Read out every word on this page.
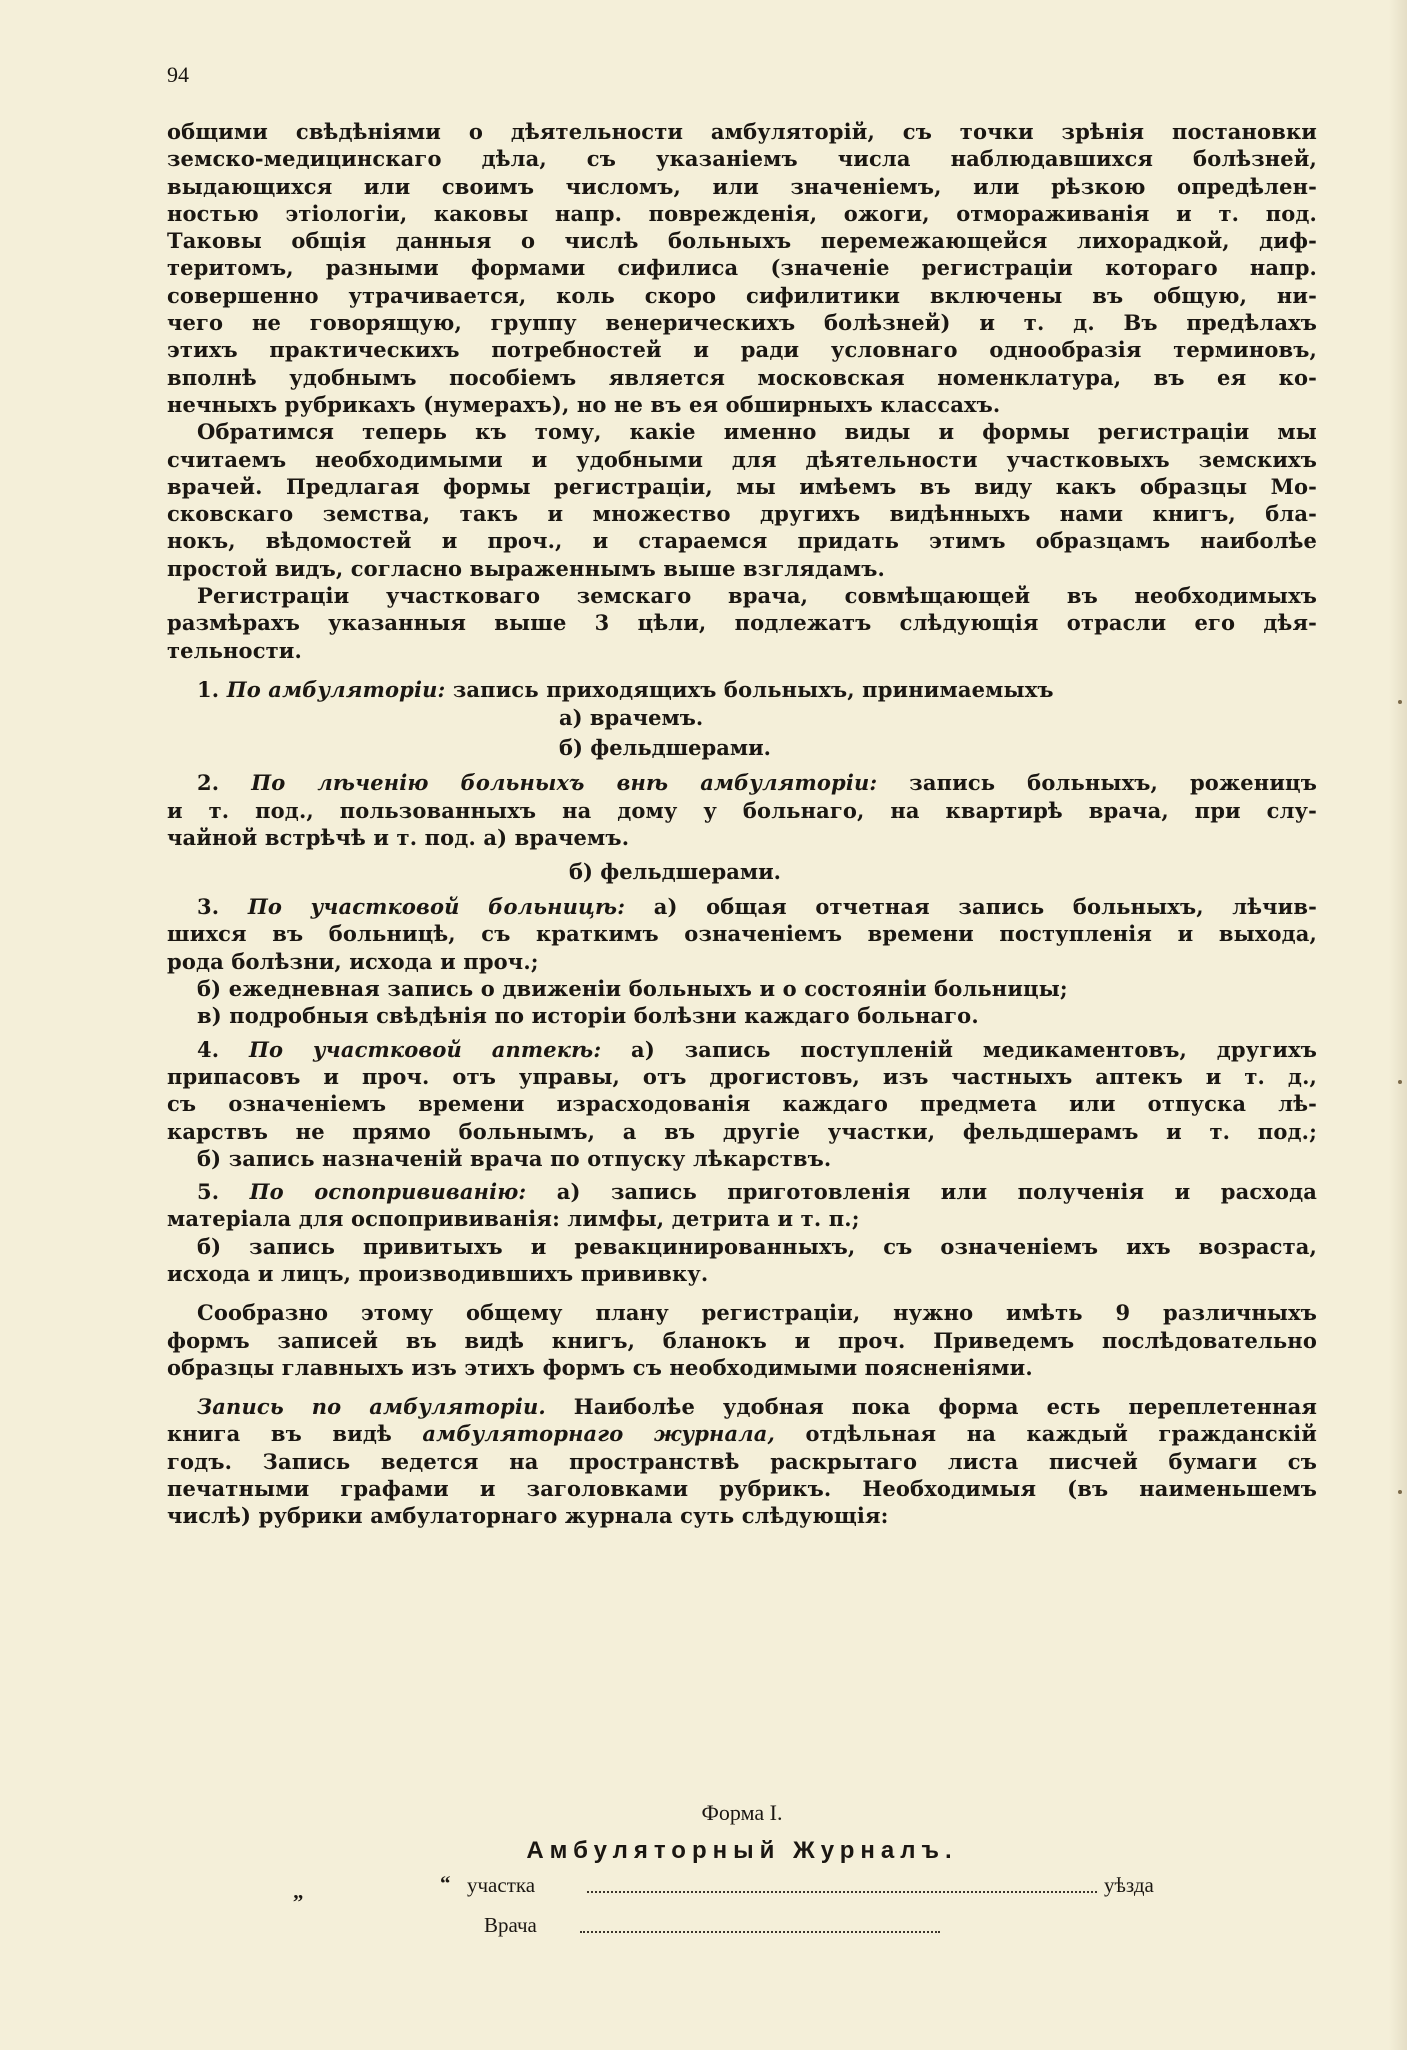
94
общими свѣдѣніями о дѣятельности амбуляторій, съ точки зрѣнія постановки
земско-медицинскаго дѣла, съ указаніемъ числа наблюдавшихся болѣзней,
выдающихся или своимъ числомъ, или значеніемъ, или рѣзкою опредѣлен-
ностью этіологіи, каковы напр. поврежденія, ожоги, отмораживанія и т. под.
Таковы общія данныя о числѣ больныхъ перемежающейся лихорадкой, диф-
теритомъ, разными формами сифилиса (значеніе регистраціи котораго напр.
совершенно утрачивается, коль скоро сифилитики включены въ общую, ни-
чего не говорящую, группу венерическихъ болѣзней) и т. д. Въ предѣлахъ
этихъ практическихъ потребностей и ради условнаго однообразія терминовъ,
вполнѣ удобнымъ пособіемъ является московская номенклатура, въ ея ко-
нечныхъ рубрикахъ (нумерахъ), но не въ ея обширныхъ классахъ.
Обратимся теперь къ тому, какіе именно виды и формы регистраціи мы
считаемъ необходимыми и удобными для дѣятельности участковыхъ земскихъ
врачей. Предлагая формы регистраціи, мы имѣемъ въ виду какъ образцы Мо-
сковскаго земства, такъ и множество другихъ видѣнныхъ нами книгъ, бла-
нокъ, вѣдомостей и проч., и стараемся придать этимъ образцамъ наиболѣе
простой видъ, согласно выраженнымъ выше взглядамъ.
Регистраціи участковаго земскаго врача, совмѣщающей въ необходимыхъ
размѣрахъ указанныя выше 3 цѣли, подлежатъ слѣдующія отрасли его дѣя-
тельности.
1. По амбуляторіи: запись приходящихъ больныхъ, принимаемыхъ
а) врачемъ.
б) фельдшерами.
2. По лѣченію больныхъ внѣ амбуляторіи: запись больныхъ, роженицъ
и т. под., пользованныхъ на дому у больнаго, на квартирѣ врача, при слу-
чайной встрѣчѣ и т. под. а) врачемъ.
б) фельдшерами.
3. По участковой больницѣ: а) общая отчетная запись больныхъ, лѣчив-
шихся въ больницѣ, съ краткимъ означеніемъ времени поступленія и выхода,
рода болѣзни, исхода и проч.;
б) ежедневная запись о движеніи больныхъ и о состояніи больницы;
в) подробныя свѣдѣнія по исторіи болѣзни каждаго больнаго.
4. По участковой аптекѣ: а) запись поступленій медикаментовъ, другихъ
припасовъ и проч. отъ управы, отъ дрогистовъ, изъ частныхъ аптекъ и т. д.,
съ означеніемъ времени израсходованія каждаго предмета или отпуска лѣ-
карствъ не прямо больнымъ, а въ другіе участки, фельдшерамъ и т. под.;
б) запись назначеній врача по отпуску лѣкарствъ.
5. По оспопрививанію: а) запись приготовленія или полученія и расхода
матеріала для оспопрививанія: лимфы, детрита и т. п.;
б) запись привитыхъ и ревакцинированныхъ, съ означеніемъ ихъ возраста,
исхода и лицъ, производившихъ прививку.
Сообразно этому общему плану регистраціи, нужно имѣть 9 различныхъ
формъ записей въ видѣ книгъ, бланокъ и проч. Приведемъ послѣдовательно
образцы главныхъ изъ этихъ формъ съ необходимыми поясненіями.
Запись по амбуляторіи. Наиболѣе удобная пока форма есть переплетенная
книга въ видѣ амбуляторнаго журнала, отдѣльная на каждый гражданскій
годъ. Запись ведется на пространствѣ раскрытаго листа писчей бумаги съ
печатными графами и заголовками рубрикъ. Необходимыя (въ наименьшемъ
числѣ) рубрики амбулаторнаго журнала суть слѣдующія:
Форма I.
Амбуляторный Журналъ.
„	“ участка	уѣзда
Врача
